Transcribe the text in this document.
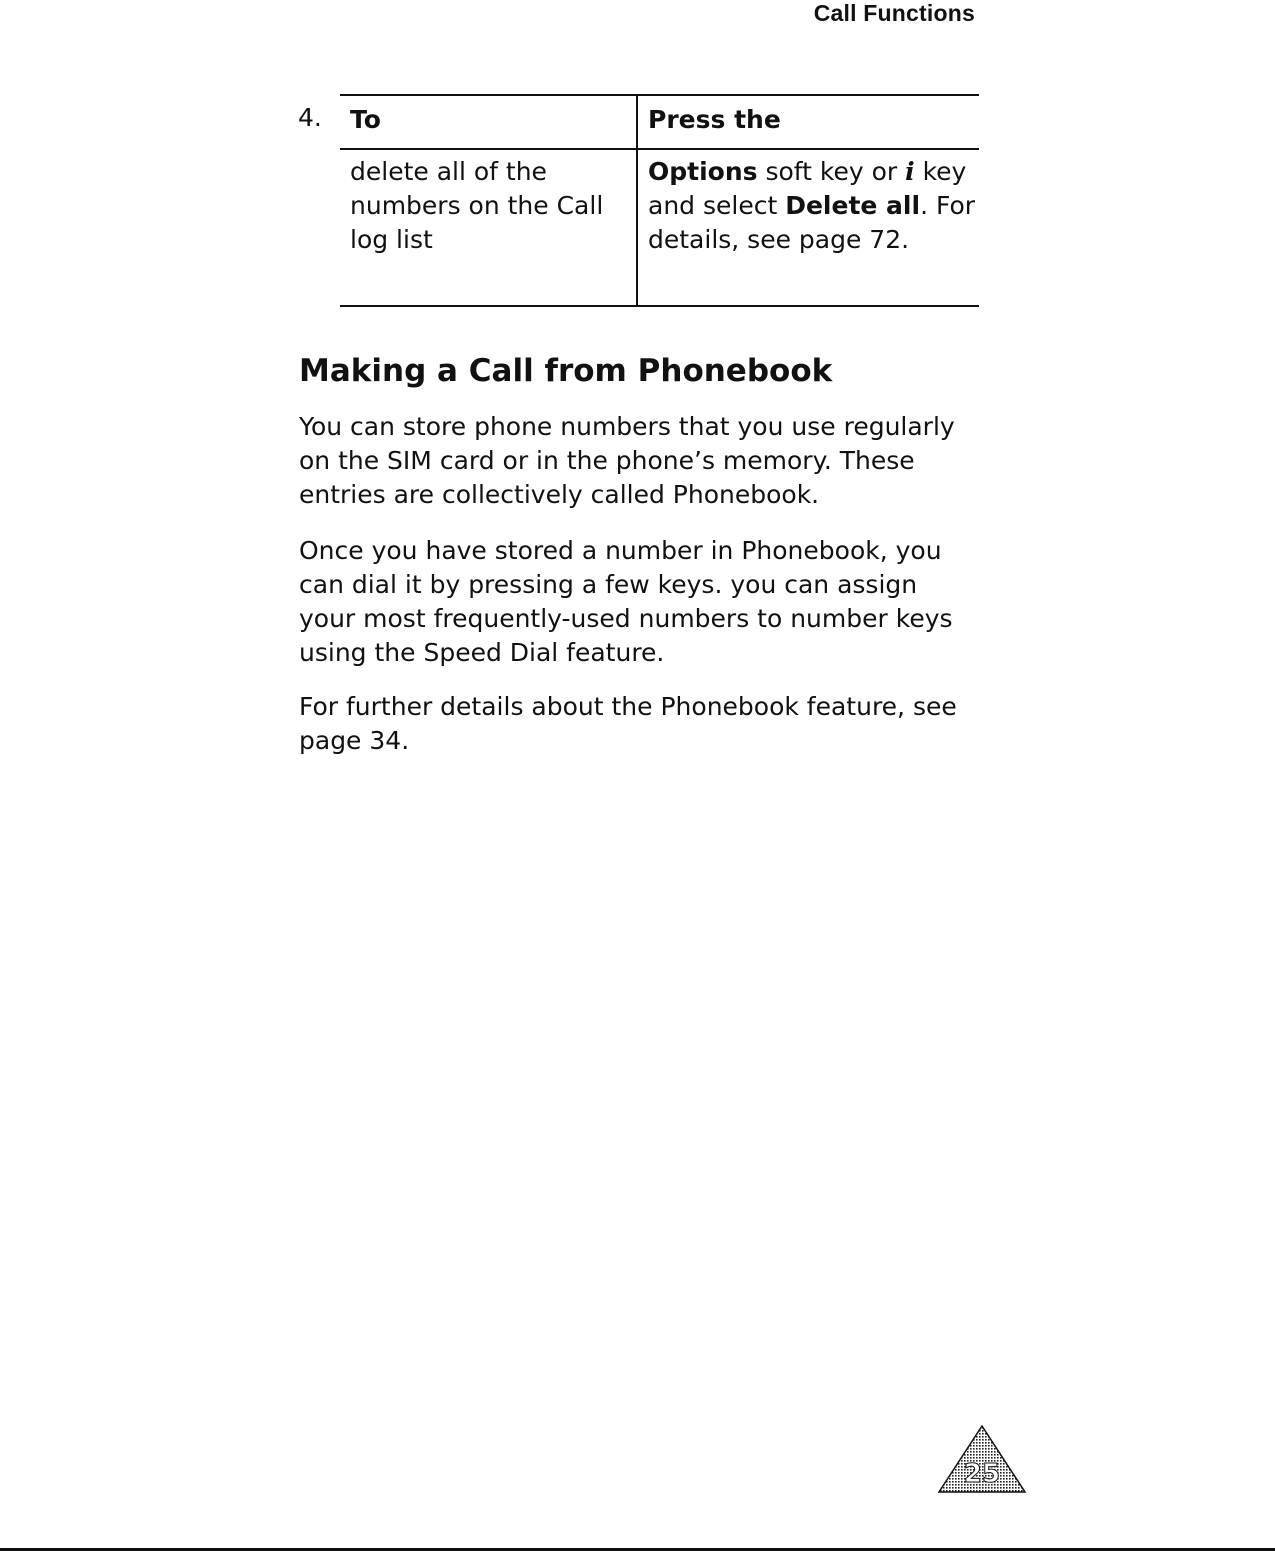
Call Functions
4. To	Press the
delete all of the numbers on the Call log list	Options soft key or i key and select Delete all. For details, see page 72.
Making a Call from Phonebook

You can store phone numbers that you use regularly on the SIM card or in the phone’s memory. These entries are collectively called Phonebook.

Once you have stored a number in Phonebook, you can dial it by pressing a few keys. you can assign your most frequently-used numbers to number keys using the Speed Dial feature.

For further details about the Phonebook feature, see page 34.

25
